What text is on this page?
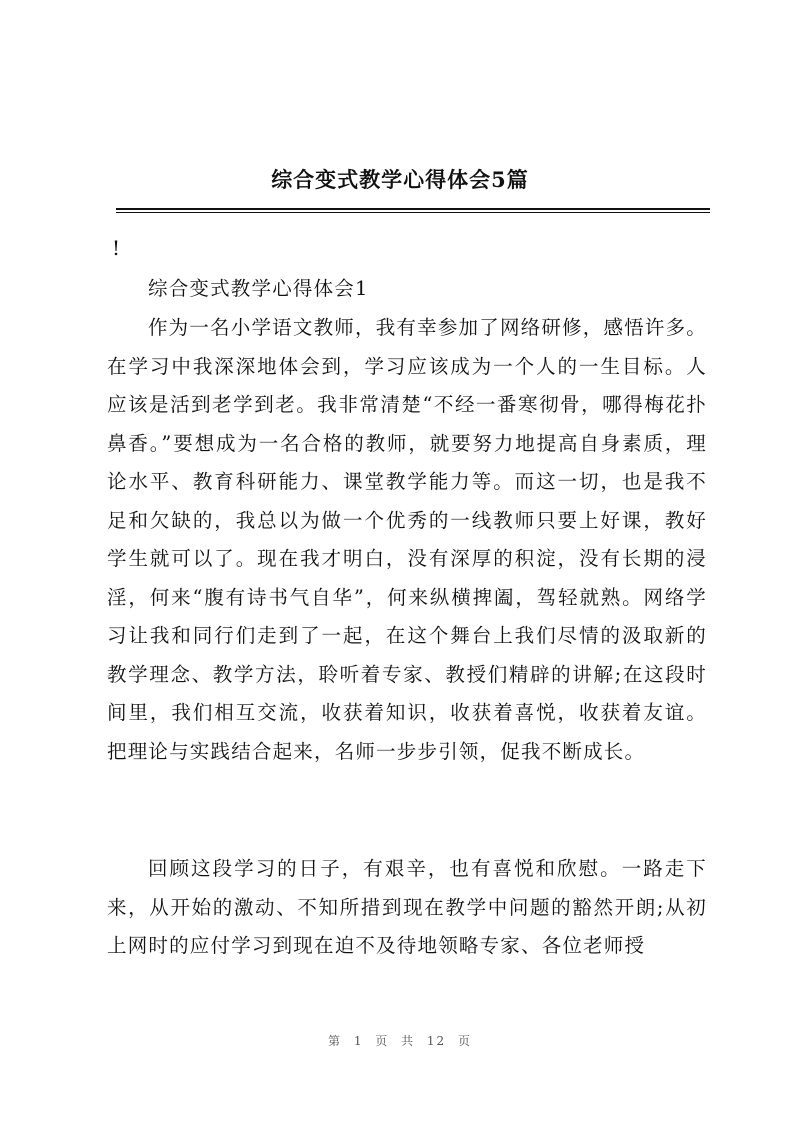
综合变式教学心得体会5篇
!
综合变式教学心得体会1

作为一名小学语文教师，我有幸参加了网络研修，感悟许多。在学习中我深深地体会到，学习应该成为一个人的一生目标。人应该是活到老学到老。我非常清楚“不经一番寒彻骨，哪得梅花扑鼻香。”要想成为一名合格的教师，就要努力地提高自身素质，理论水平、教育科研能力、课堂教学能力等。而这一切，也是我不足和欠缺的，我总以为做一个优秀的一线教师只要上好课，教好学生就可以了。现在我才明白，没有深厚的积淀，没有长期的浸淫，何来“腹有诗书气自华”，何来纵横捭阖，驾轻就熟。网络学习让我和同行们走到了一起，在这个舞台上我们尽情的汲取新的教学理念、教学方法，聆听着专家、教授们精辟的讲解;在这段时间里，我们相互交流，收获着知识，收获着喜悦，收获着友谊。把理论与实践结合起来，名师一步步引领，促我不断成长。

回顾这段学习的日子，有艰辛，也有喜悦和欣慰。一路走下来，从开始的激动、不知所措到现在教学中问题的豁然开朗;从初上网时的应付学习到现在迫不及待地领略专家、各位老师授

第 1 页 共 12 页
